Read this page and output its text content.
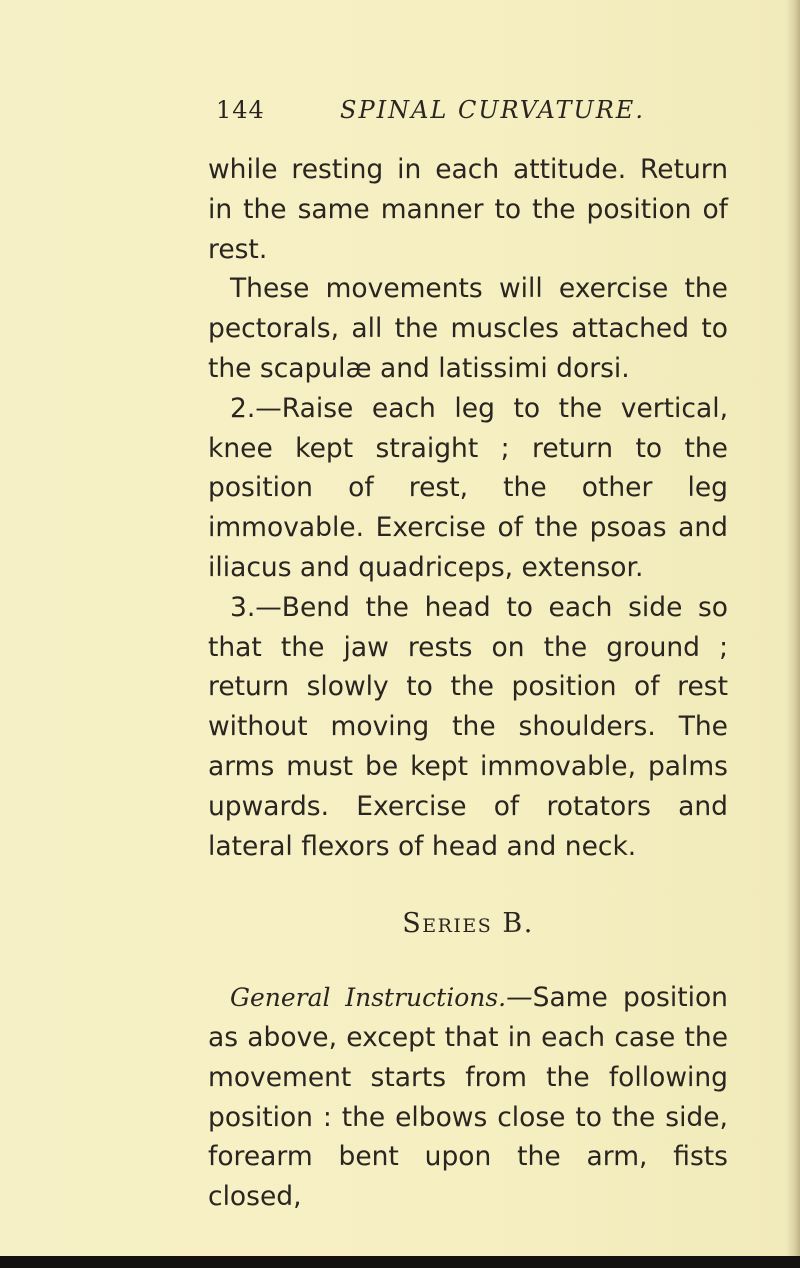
144	SPINAL CURVATURE.

while resting in each attitude. Return in the same manner to the position of rest.

These movements will exercise the pectorals, all the muscles attached to the scapulæ and latissimi dorsi.

2.—Raise each leg to the vertical, knee kept straight ; return to the position of rest, the other leg immovable. Exercise of the psoas and iliacus and quadriceps, extensor.

3.—Bend the head to each side so that the jaw rests on the ground ; return slowly to the position of rest without moving the shoulders. The arms must be kept immovable, palms upwards. Exercise of rotators and lateral flexors of head and neck.

Series B.

General Instructions.—Same position as above, except that in each case the movement starts from the following position : the elbows close to the side, forearm bent upon the arm, fists closed,
